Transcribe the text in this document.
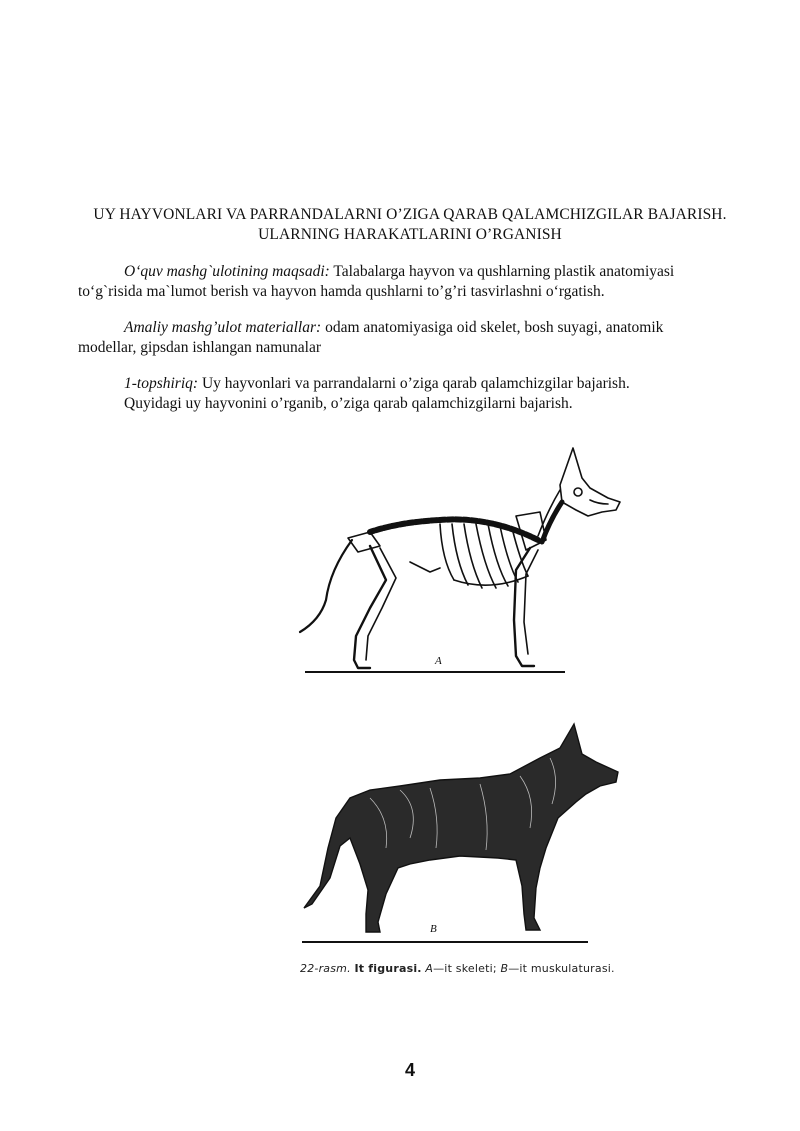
UY HAYVONLARI VA PARRANDALARNI O’ZIGA QARAB QALAMCHIZGILAR BAJARISH.
ULARNING HARAKATLARINI O’RGANISH
O‘quv mashg`ulotining maqsadi: Talabalarga hayvon va qushlarning plastik anatomiyasi
to‘g`risida ma`lumot berish va hayvon hamda qushlarni to’g’ri tasvirlashni o‘rgatish.
Amaliy mashg’ulot materiallar: odam anatomiyasiga oid skelet, bosh suyagi, anatomik
modellar, gipsdan ishlangan namunalar
1-topshiriq: Uy hayvonlari va parrandalarni o’ziga qarab qalamchizgilar bajarish.
Quyidagi uy hayvonini o’rganib, o’ziga qarab qalamchizgilarni bajarish.
A
B
22-rasm. It figurasi. A—it skeleti; B—it muskulaturasi.
4
